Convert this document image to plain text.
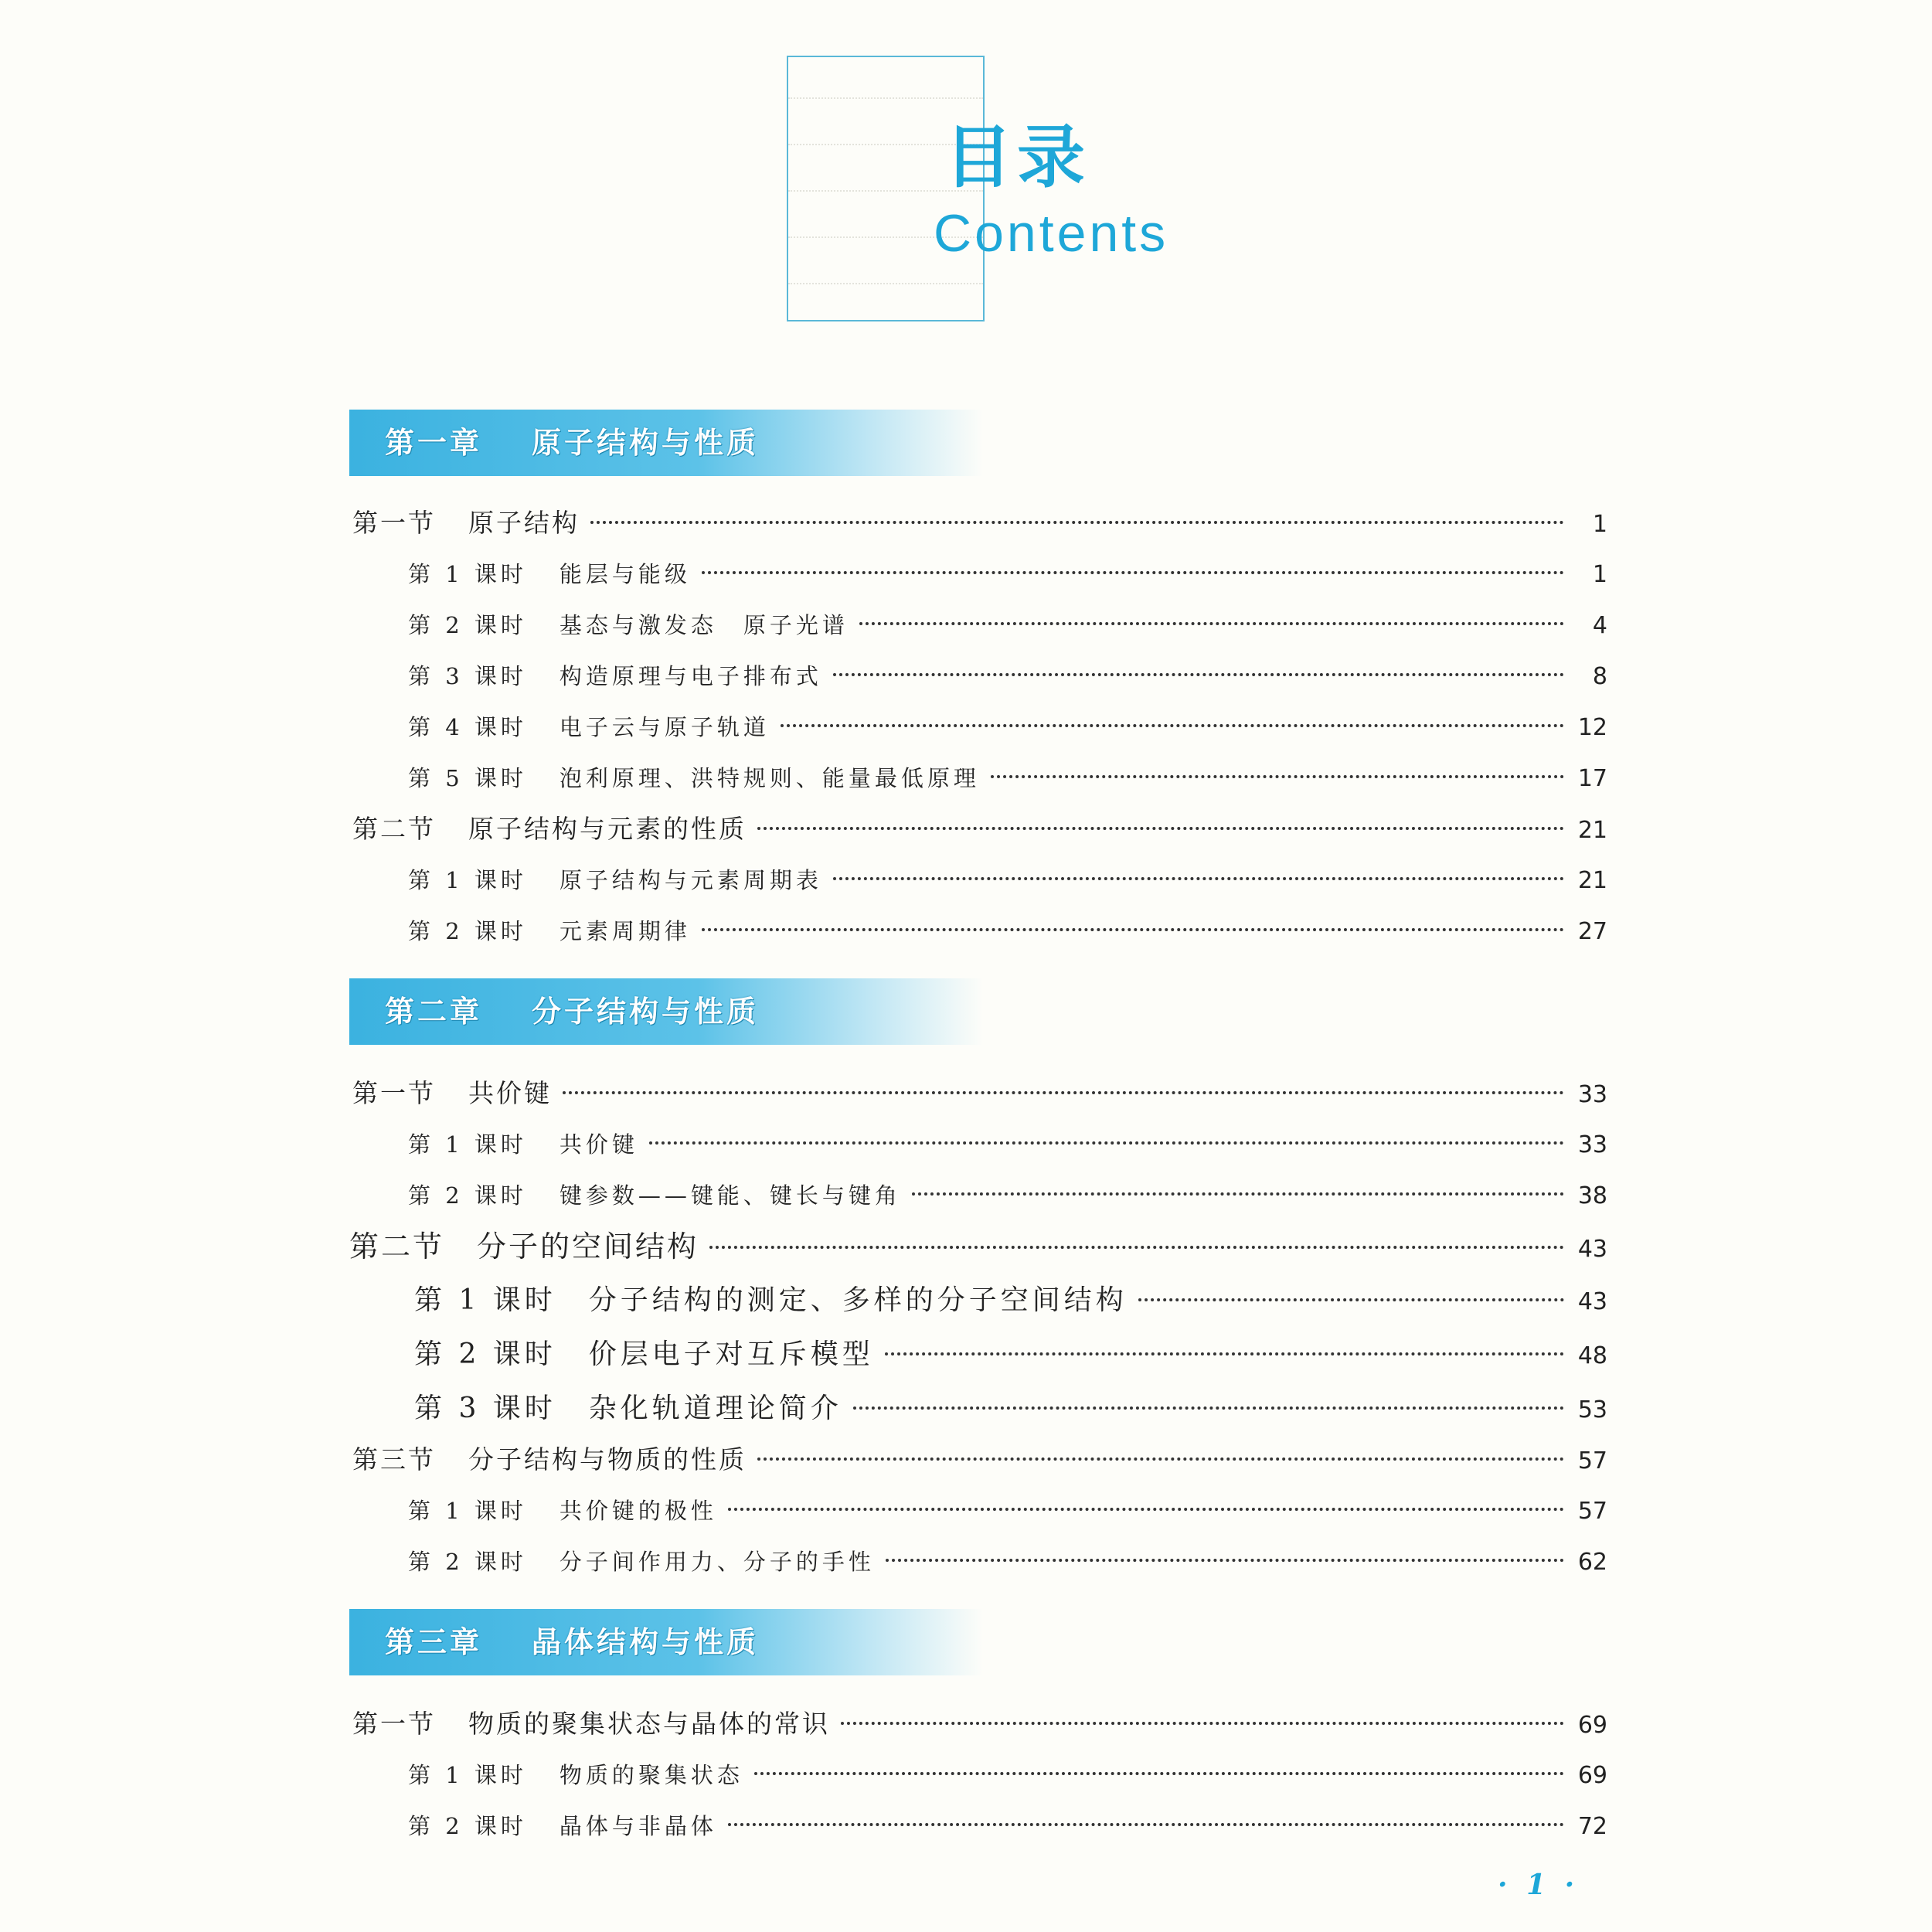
目录
Contents
第一章 原子结构与性质
第一节 原子结构	1
第 1 课时 能层与能级	1
第 2 课时 基态与激发态　原子光谱	4
第 3 课时 构造原理与电子排布式	8
第 4 课时 电子云与原子轨道	12
第 5 课时 泡利原理、洪特规则、能量最低原理	17
第二节 原子结构与元素的性质	21
第 1 课时 原子结构与元素周期表	21
第 2 课时 元素周期律	27
第二章 分子结构与性质
第一节 共价键	33
第 1 课时 共价键	33
第 2 课时 键参数——键能、键长与键角	38
第二节 分子的空间结构	43
第 1 课时 分子结构的测定、多样的分子空间结构	43
第 2 课时 价层电子对互斥模型	48
第 3 课时 杂化轨道理论简介	53
第三节 分子结构与物质的性质	57
第 1 课时 共价键的极性	57
第 2 课时 分子间作用力、分子的手性	62
第三章 晶体结构与性质
第一节 物质的聚集状态与晶体的常识	69
第 1 课时 物质的聚集状态	69
第 2 课时 晶体与非晶体	72
· 1 ·
